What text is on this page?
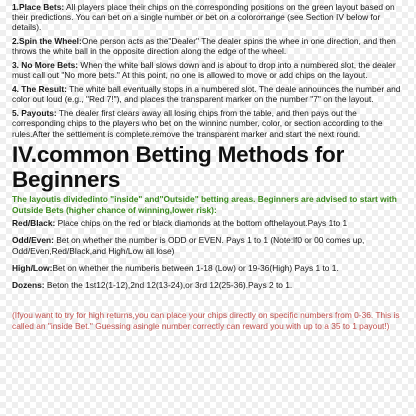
1.Place Bets: All players place their chips on the corresponding positions on the green layout based on their predictions. You can bet on a single number or bet on a colororrange (see Section IV below for details).

2.Spin the Wheel:One person acts as the"Dealer" The dealer spins the whee in one direction, and then throws the white ball in the opposite direction along the edge of the wheel.

3. No More Bets: When the white ball slows down and is about to drop into a numbered slot, the dealer must call out "No more bets." At this point, no one is allowed to move or add chips on the layout.

4. The Result: The white ball eventually stops in a numbered slot. The deale announces the number and color out loud (e.g., "Red 7!"), and places the transparent marker on the number "7" on the layout.

5. Payouts: The dealer first clears away all losing chips from the table, and then pays out the corresponding chips to the players who bet on the winninc number, color, or section according to the rules.After the settlement is complete.remove the transparent marker and start the next round.

IV.common Betting Methods for Beginners

The layoutis dividedinto "inside" and"Outside" betting areas. Beginners are advised to start with Outside Bets (higher chance of winning,lower risk):

Red/Black: Place chips on the red or black diamonds at the bottom ofthelayout.Pays 1to 1

Odd/Even: Bet on whether the number is ODD or EVEN. Pays 1 to 1 (Note:lf0 or 00 comes up, Odd/Even,Red/Black,and High/Low all lose)

High/Low:Bet on whether the numberis between 1-18 (Low) or 19-36(High) Pays 1 to 1.

Dozens: Beton the 1st12(1-12),2nd 12(13-24),or 3rd 12(25-36).Pays 2 to 1.

(Ifyou want to try for high returns,you can place your chips directly on specific numbers from 0-36. This is called an "inside Bet." Guessing asingle number correctly can reward you with up to a 35 to 1 payout!)
